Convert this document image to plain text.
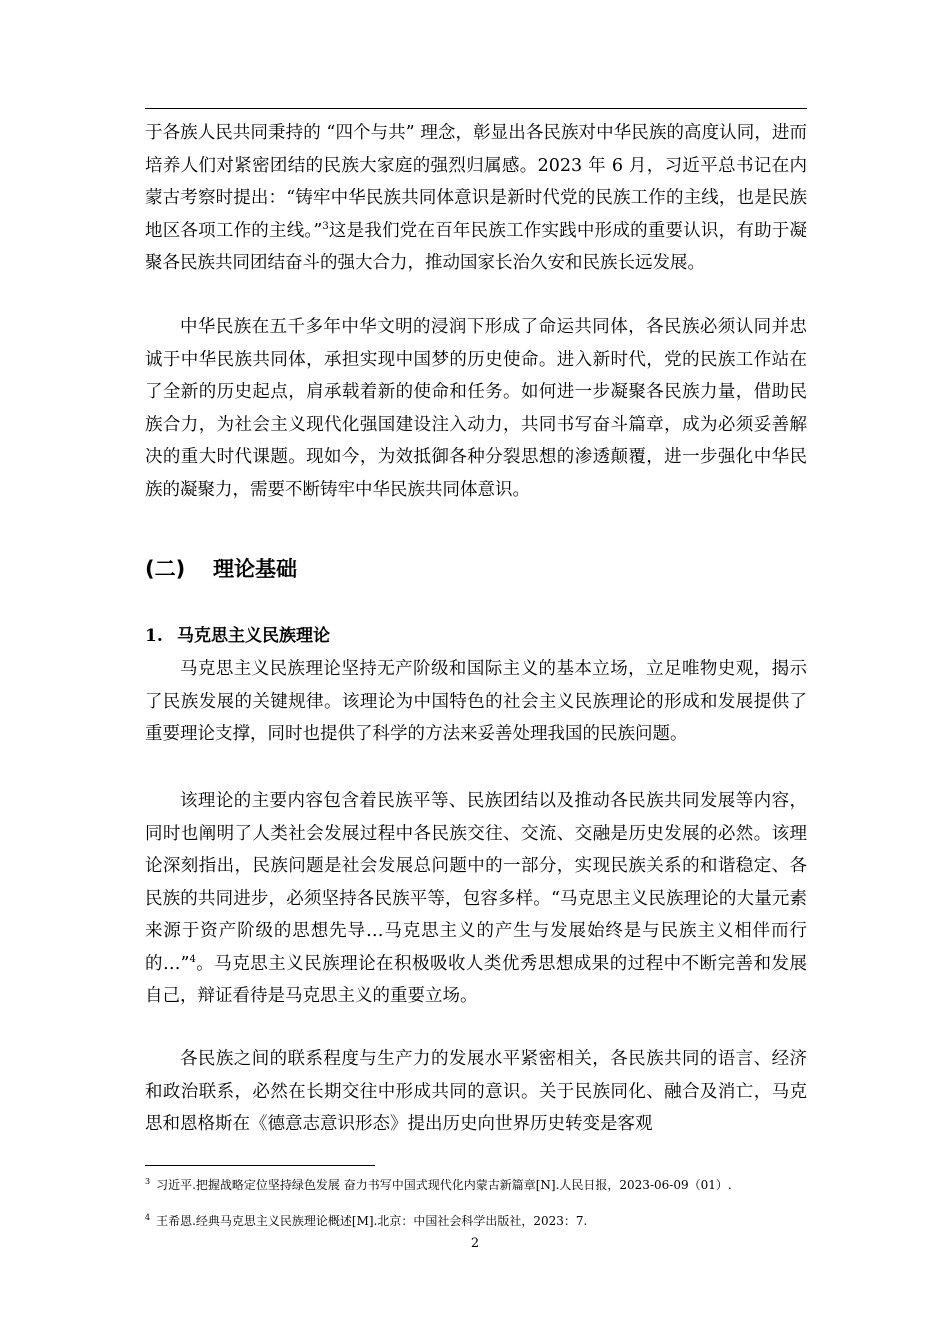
于各族人民共同秉持的 “四个与共” 理念，彰显出各民族对中华民族的高度认同，进而培养人们对紧密团结的民族大家庭的强烈归属感。2023 年 6 月，习近平总书记在内蒙古考察时提出：“铸牢中华民族共同体意识是新时代党的民族工作的主线，也是民族地区各项工作的主线。”$^3$这是我们党在百年民族工作实践中形成的重要认识，有助于凝聚各民族共同团结奋斗的强大合力，推动国家长治久安和民族长远发展。

中华民族在五千多年中华文明的浸润下形成了命运共同体，各民族必须认同并忠诚于中华民族共同体，承担实现中国梦的历史使命。进入新时代，党的民族工作站在了全新的历史起点，肩承载着新的使命和任务。如何进一步凝聚各民族力量，借助民族合力，为社会主义现代化强国建设注入动力，共同书写奋斗篇章，成为必须妥善解决的重大时代课题。现如今，为效抵御各种分裂思想的渗透颠覆，进一步强化中华民族的凝聚力，需要不断铸牢中华民族共同体意识。

(二) 理论基础
1. 马克思主义民族理论

马克思主义民族理论坚持无产阶级和国际主义的基本立场，立足唯物史观，揭示了民族发展的关键规律。该理论为中国特色的社会主义民族理论的形成和发展提供了重要理论支撑，同时也提供了科学的方法来妥善处理我国的民族问题。

该理论的主要内容包含着民族平等、民族团结以及推动各民族共同发展等内容，同时也阐明了人类社会发展过程中各民族交往、交流、交融是历史发展的必然。该理论深刻指出，民族问题是社会发展总问题中的一部分，实现民族关系的和谐稳定、各民族的共同进步，必须坚持各民族平等，包容多样。“马克思主义民族理论的大量元素来源于资产阶级的思想先导…马克思主义的产生与发展始终是与民族主义相伴而行的…”$^4$。马克思主义民族理论在积极吸收人类优秀思想成果的过程中不断完善和发展自己，辩证看待是马克思主义的重要立场。

各民族之间的联系程度与生产力的发展水平紧密相关，各民族共同的语言、经济和政治联系，必然在长期交往中形成共同的意识。关于民族同化、融合及消亡，马克思和恩格斯在《德意志意识形态》提出历史向世界历史转变是客观

$^3$ 习近平.把握战略定位坚持绿色发展 奋力书写中国式现代化内蒙古新篇章[N].人民日报，2023-06-09（01）.

$^4$ 王希恩.经典马克思主义民族理论概述[M].北京：中国社会科学出版社，2023：7.

2
